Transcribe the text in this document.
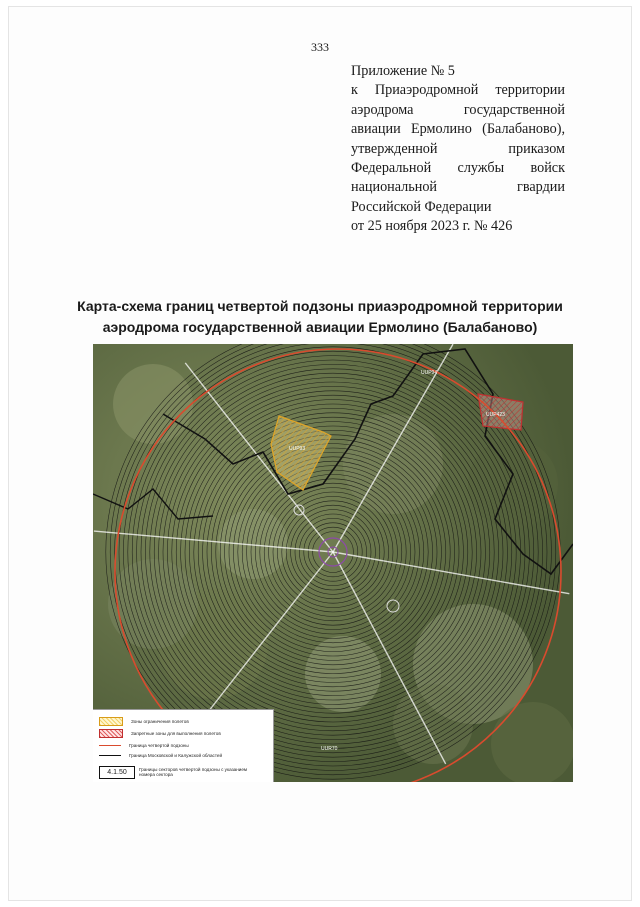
333
Приложение № 5
к Приаэродромной территории
аэродрома	государственной
авиации Ермолино (Балабаново),
утвержденной	приказом
Федеральной службы войск
национальной	гвардии
Российской Федерации
от 25 ноября 2023 г. № 426
Карта-схема границ четвертой подзоны приаэродромной территории
аэродрома государственной авиации Ермолино (Балабаново)
UUP94
UUP423
UUP93
UUR70
Зоны ограничения полетов
Запретные зоны для выполнения полетов
Граница четвертой подзоны
Граница Московской и Калужской областей
4.1.50	Границы секторов четвертой подзоны с указанием номера сектора
